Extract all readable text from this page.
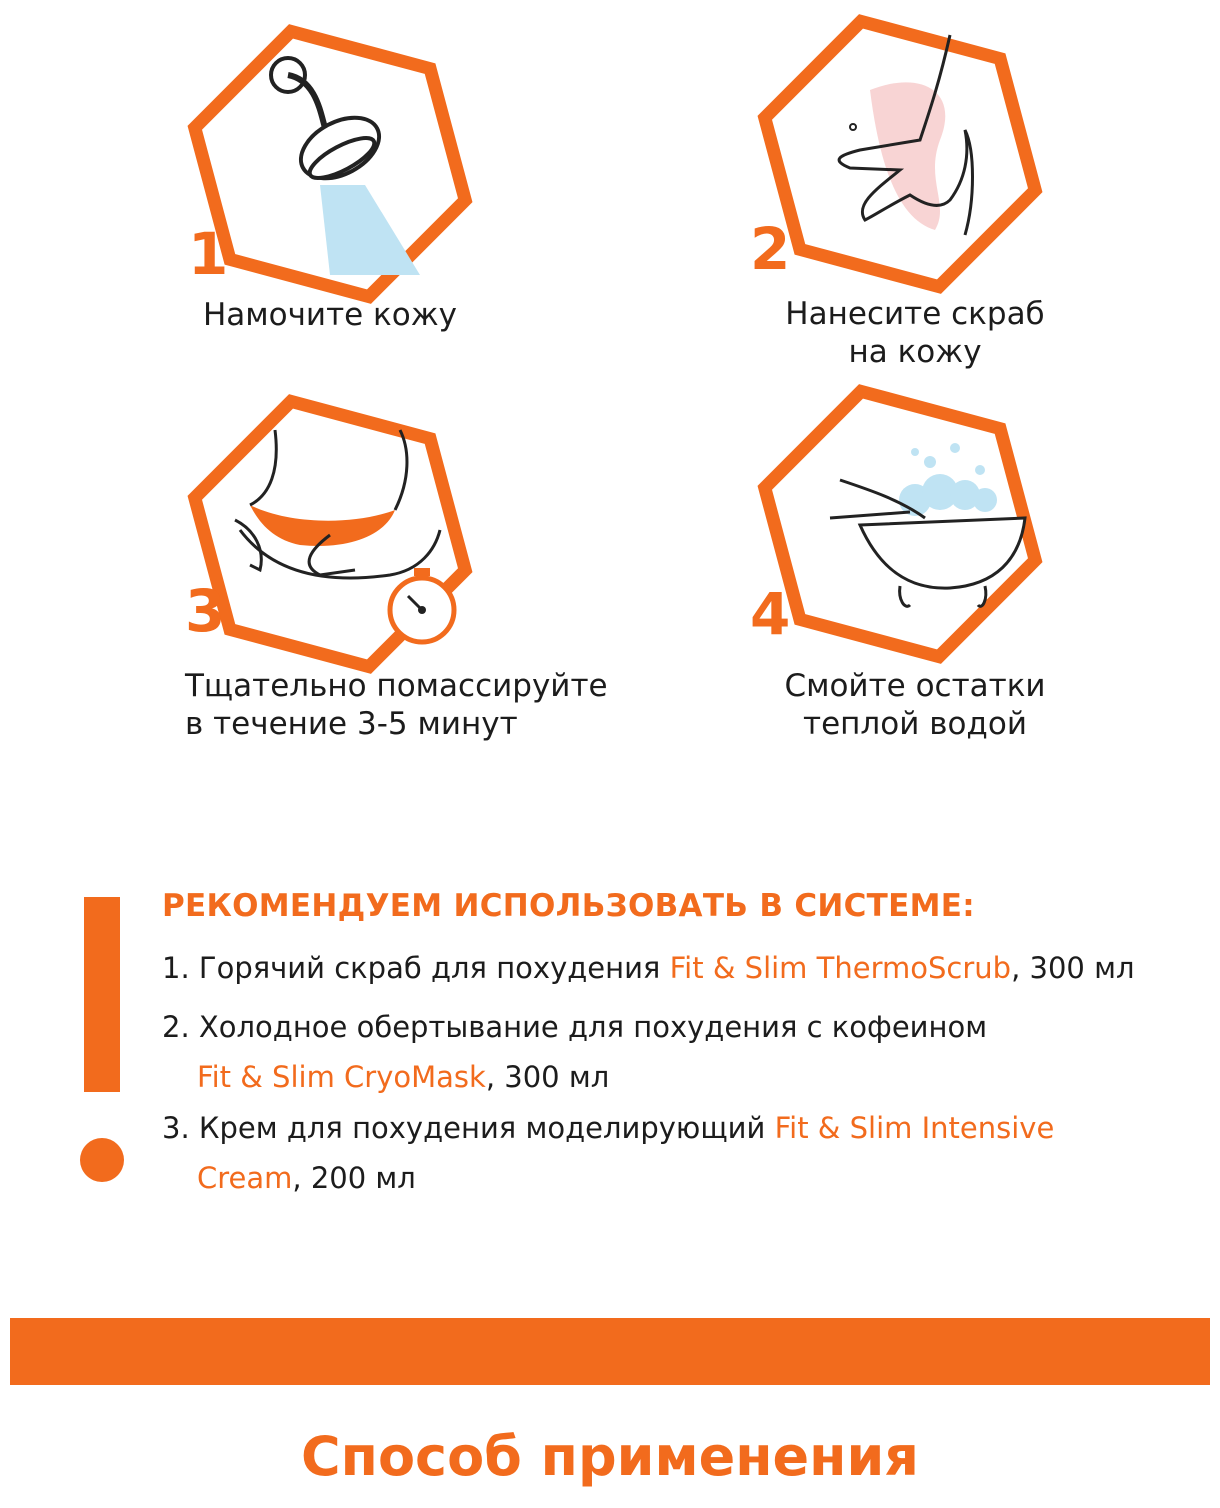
1
Намочите кожу
2
Нанесите скраб
на кожу
3
Тщательно помассируйте
в течение 3-5 минут
4
Смойте остатки
теплой водой
РЕКОМЕНДУЕМ ИСПОЛЬЗОВАТЬ В СИСТЕМЕ:
1. Горячий скраб для похудения Fit & Slim ThermoScrub, 300 мл
2. Холодное обертывание для похудения с кофеином
Fit & Slim CryoMask, 300 мл
3. Крем для похудения моделирующий Fit & Slim Intensive
Cream, 200 мл
Способ применения
